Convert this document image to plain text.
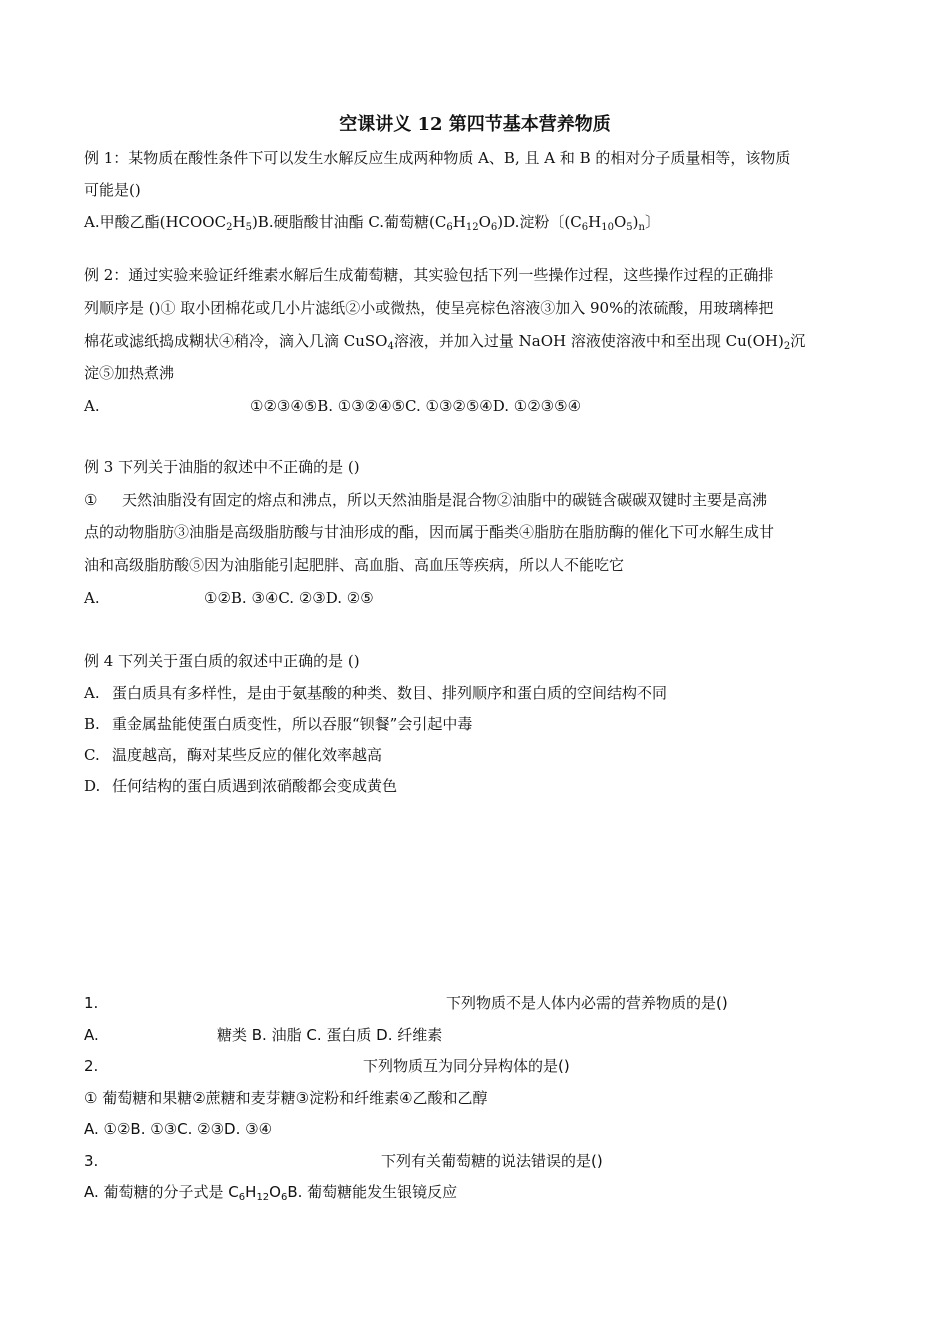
空课讲义 12 第四节基本营养物质
例 1：某物质在酸性条件下可以发生水解反应生成两种物质 A、B, 且 A 和 B 的相对分子质量相等，该物质
可能是()
A.甲酸乙酯$(HCOOC_2H_5)B$.硬脂酸甘油酯 C.葡萄糖$(C_6H_{12}O_6)D$.淀粉〔$(C_6H_{10}O_5)_n$〕
例 2：通过实验来验证纤维素水解后生成葡萄糖，其实验包括下列一些操作过程，这些操作过程的正确排
列顺序是 ()① 取小团棉花或几小片滤纸②小或微热，使呈亮棕色溶液③加入 90%的浓硫酸，用玻璃棒把
棉花或滤纸捣成糊状④稍冷，滴入几滴 CuSO$_4$溶液，并加入过量 NaOH 溶液使溶液中和至出现 $Cu(OH)_2$沉
淀⑤加热煮沸
A.	①②③④⑤B. ①③②④⑤C. ①③②⑤④D. ①②③⑤④
例 3 下列关于油脂的叙述中不正确的是 ()
① 天然油脂没有固定的熔点和沸点，所以天然油脂是混合物②油脂中的碳链含碳碳双键时主要是高沸
点的动物脂肪③油脂是高级脂肪酸与甘油形成的酯，因而属于酯类④脂肪在脂肪酶的催化下可水解生成甘
油和高级脂肪酸⑤因为油脂能引起肥胖、高血脂、高血压等疾病，所以人不能吃它
A.	①②B. ③④C. ②③D. ②⑤
例 4 下列关于蛋白质的叙述中正确的是 ()
A. 蛋白质具有多样性，是由于氨基酸的种类、数目、排列顺序和蛋白质的空间结构不同
B. 重金属盐能使蛋白质变性，所以吞服“钡餐”会引起中毒
C. 温度越高，酶对某些反应的催化效率越高
D. 任何结构的蛋白质遇到浓硝酸都会变成黄色
1.	下列物质不是人体内必需的营养物质的是()
A.	糖类 B. 油脂 C. 蛋白质 D. 纤维素
2.	下列物质互为同分异构体的是()
① 葡萄糖和果糖②蔗糖和麦芽糖③淀粉和纤维素④乙酸和乙醇
A. ①②B. ①③C. ②③D. ③④
3.	下列有关葡萄糖的说法错误的是()
A. 葡萄糖的分子式是 $C_6H_{12}O_6B$. 葡萄糖能发生银镜反应
